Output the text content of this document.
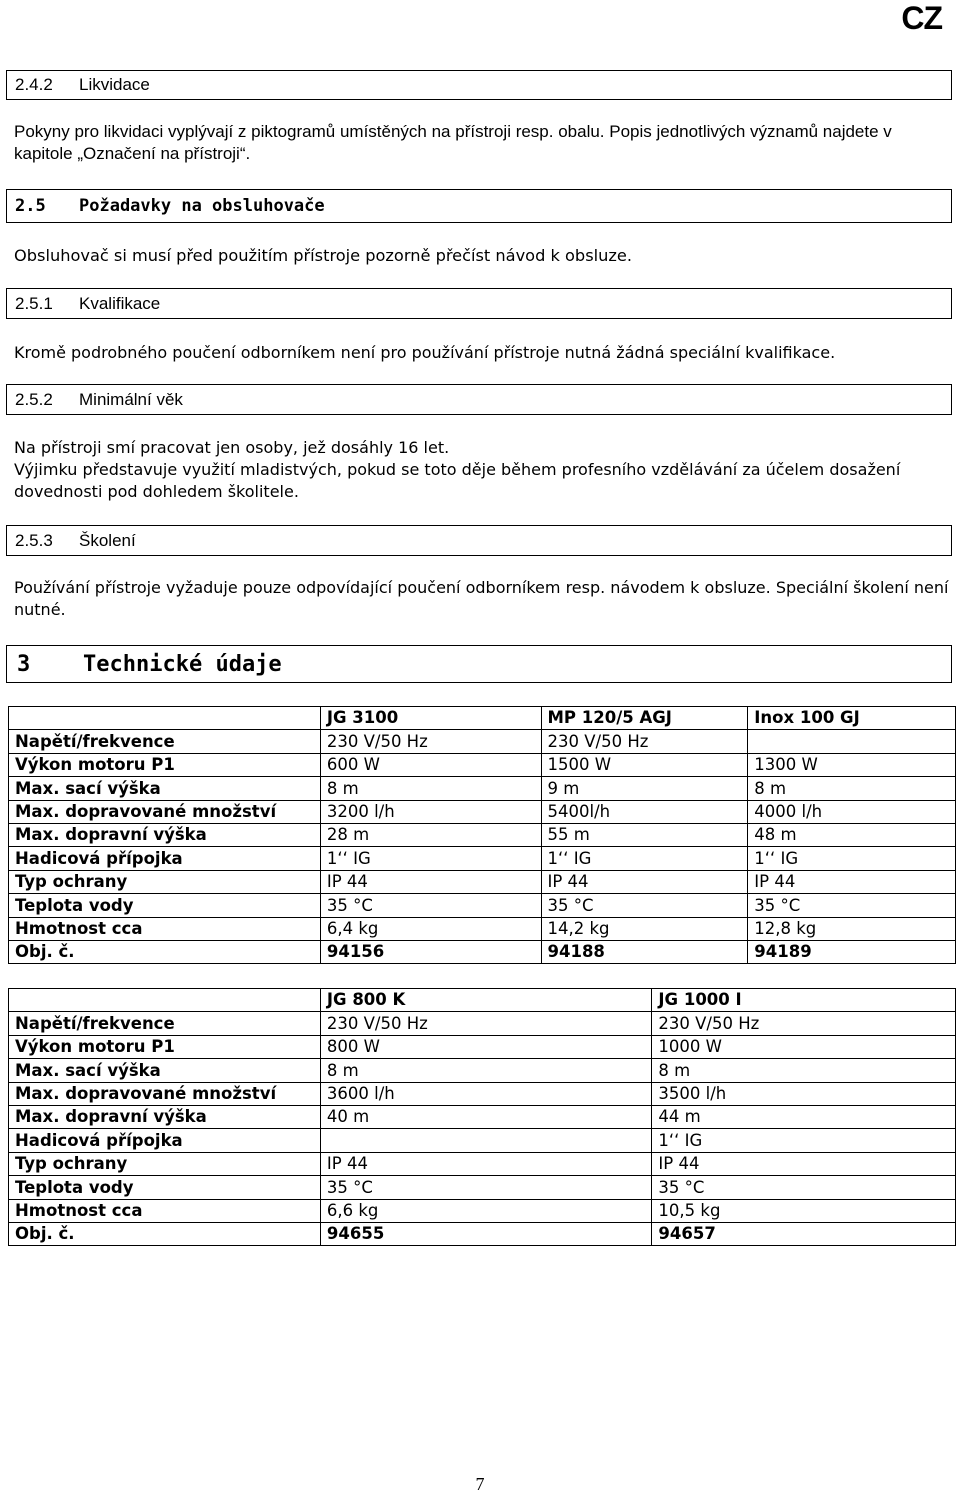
CZ
2.4.2	Likvidace
Pokyny pro likvidaci vyplývají z piktogramů umístěných na přístroji resp. obalu. Popis jednotlivých významů najdete v kapitole „Označení na přístroji“.
2.5	Požadavky na obsluhovače
Obsluhovač si musí před použitím přístroje pozorně přečíst návod k obsluze.
2.5.1	Kvalifikace
Kromě podrobného poučení odborníkem není pro používání přístroje nutná žádná speciální kvalifikace.
2.5.2	Minimální věk
Na přístroji smí pracovat jen osoby, jež dosáhly 16 let.
Výjimku představuje využití mladistvých, pokud se toto děje během profesního vzdělávání za účelem dosažení dovednosti pod dohledem školitele.
2.5.3	Školení
Používání přístroje vyžaduje pouze odpovídající poučení odborníkem resp. návodem k obsluze. Speciální školení není nutné.
3	Technické údaje
	JG 3100	MP 120/5 AGJ	Inox 100 GJ
Napětí/frekvence	230 V/50 Hz	230 V/50 Hz	
Výkon motoru P1	600 W	1500 W	1300 W
Max. sací výška	8 m	9 m	8 m
Max. dopravované množství	3200 l/h	5400l/h	4000 l/h
Max. dopravní výška	28 m	55 m	48 m
Hadicová přípojka	1‘‘ IG	1‘‘ IG	1‘‘ IG
Typ ochrany	IP 44	IP 44	IP 44
Teplota vody	35 °C	35 °C	35 °C
Hmotnost cca	6,4 kg	14,2 kg	12,8 kg
Obj. č.	94156	94188	94189
	JG 800 K	JG 1000 I
Napětí/frekvence	230 V/50 Hz	230 V/50 Hz
Výkon motoru P1	800 W	1000 W
Max. sací výška	8 m	8 m
Max. dopravované množství	3600 l/h	3500 l/h
Max. dopravní výška	40 m	44 m
Hadicová přípojka		1‘‘ IG
Typ ochrany	IP 44	IP 44
Teplota vody	35 °C	35 °C
Hmotnost cca	6,6 kg	10,5 kg
Obj. č.	94655	94657
7
